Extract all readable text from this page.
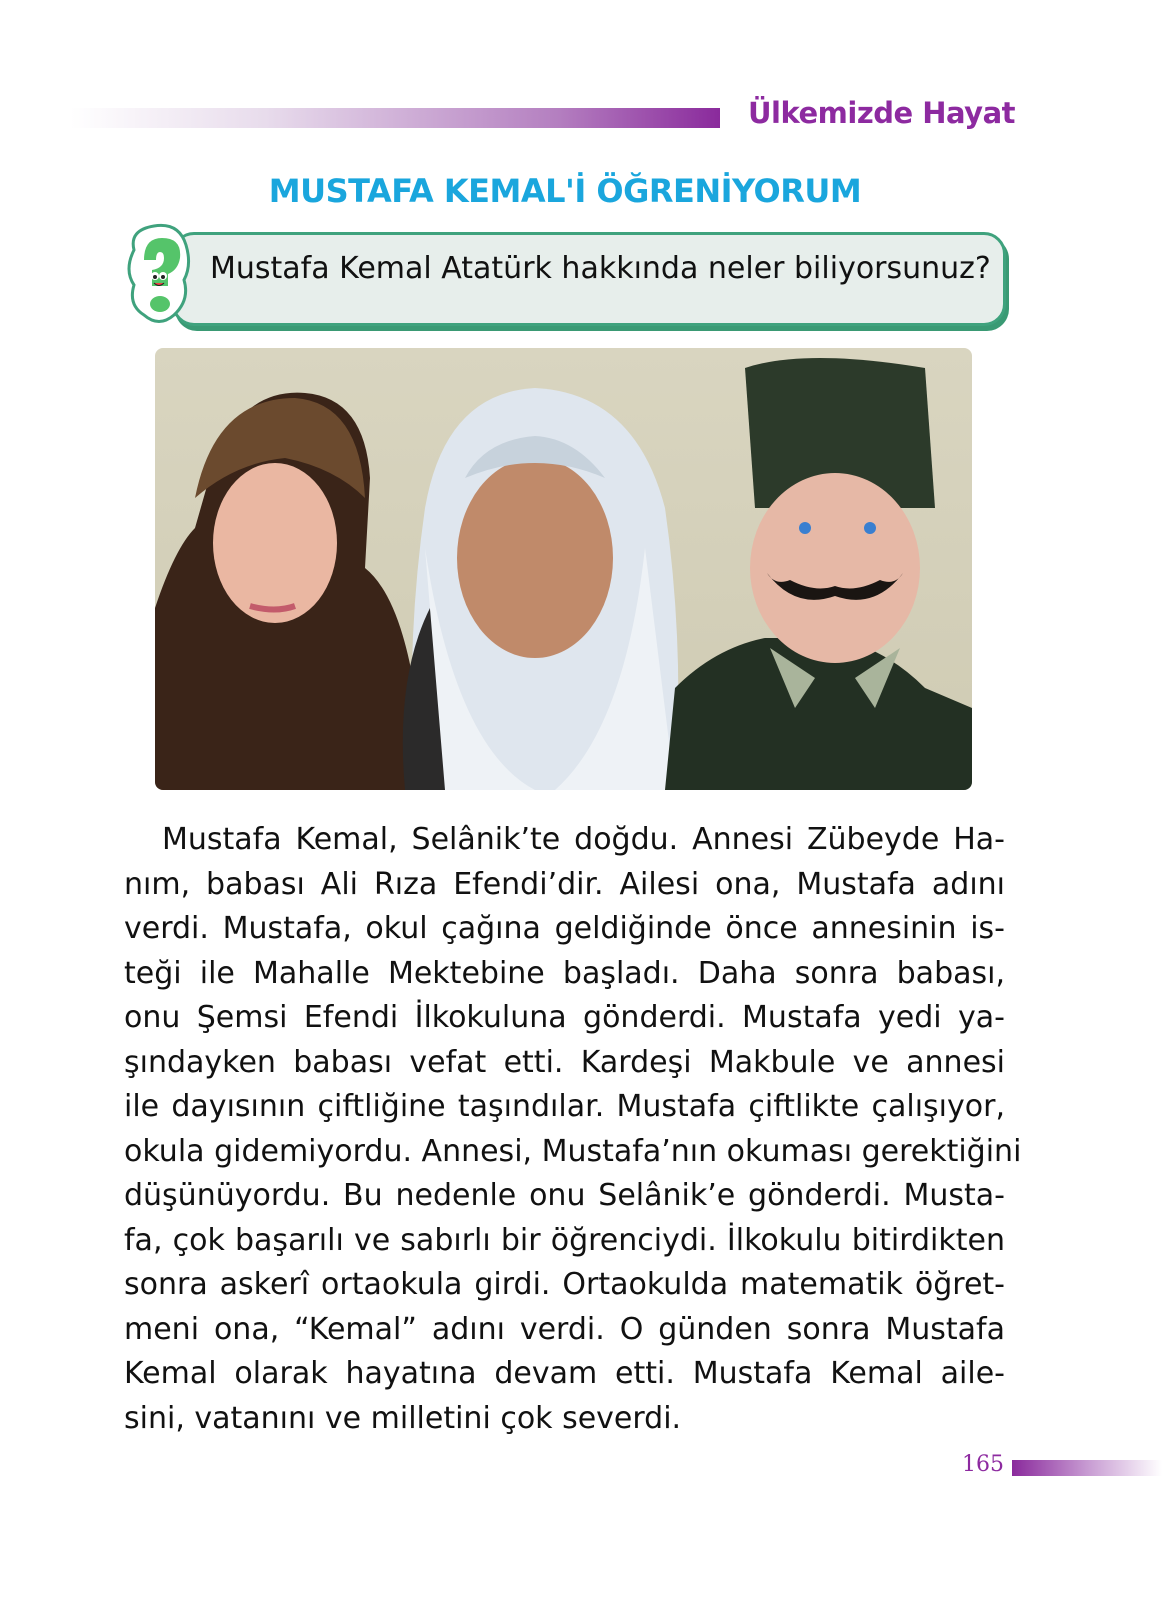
Ülkemizde Hayat
MUSTAFA KEMAL'İ ÖĞRENİYORUM
Mustafa Kemal Atatürk hakkında neler biliyorsunuz?
Mustafa Kemal, Selânik’te doğdu. Annesi Zübeyde Ha-
nım, babası Ali Rıza Efendi’dir. Ailesi ona, Mustafa adını
verdi. Mustafa, okul çağına geldiğinde önce annesinin is-
teği ile Mahalle Mektebine başladı. Daha sonra babası,
onu Şemsi Efendi İlkokuluna gönderdi. Mustafa yedi ya-
şındayken babası vefat etti. Kardeşi Makbule ve annesi
ile dayısının çiftliğine taşındılar. Mustafa çiftlikte çalışıyor,
okula gidemiyordu. Annesi, Mustafa’nın okuması gerektiğini
düşünüyordu. Bu nedenle onu Selânik’e gönderdi. Musta-
fa, çok başarılı ve sabırlı bir öğrenciydi. İlkokulu bitirdikten
sonra askerî ortaokula girdi. Ortaokulda matematik öğret-
meni ona, “Kemal” adını verdi. O günden sonra Mustafa
Kemal olarak hayatına devam etti. Mustafa Kemal aile-
sini, vatanını ve milletini çok severdi.
165
